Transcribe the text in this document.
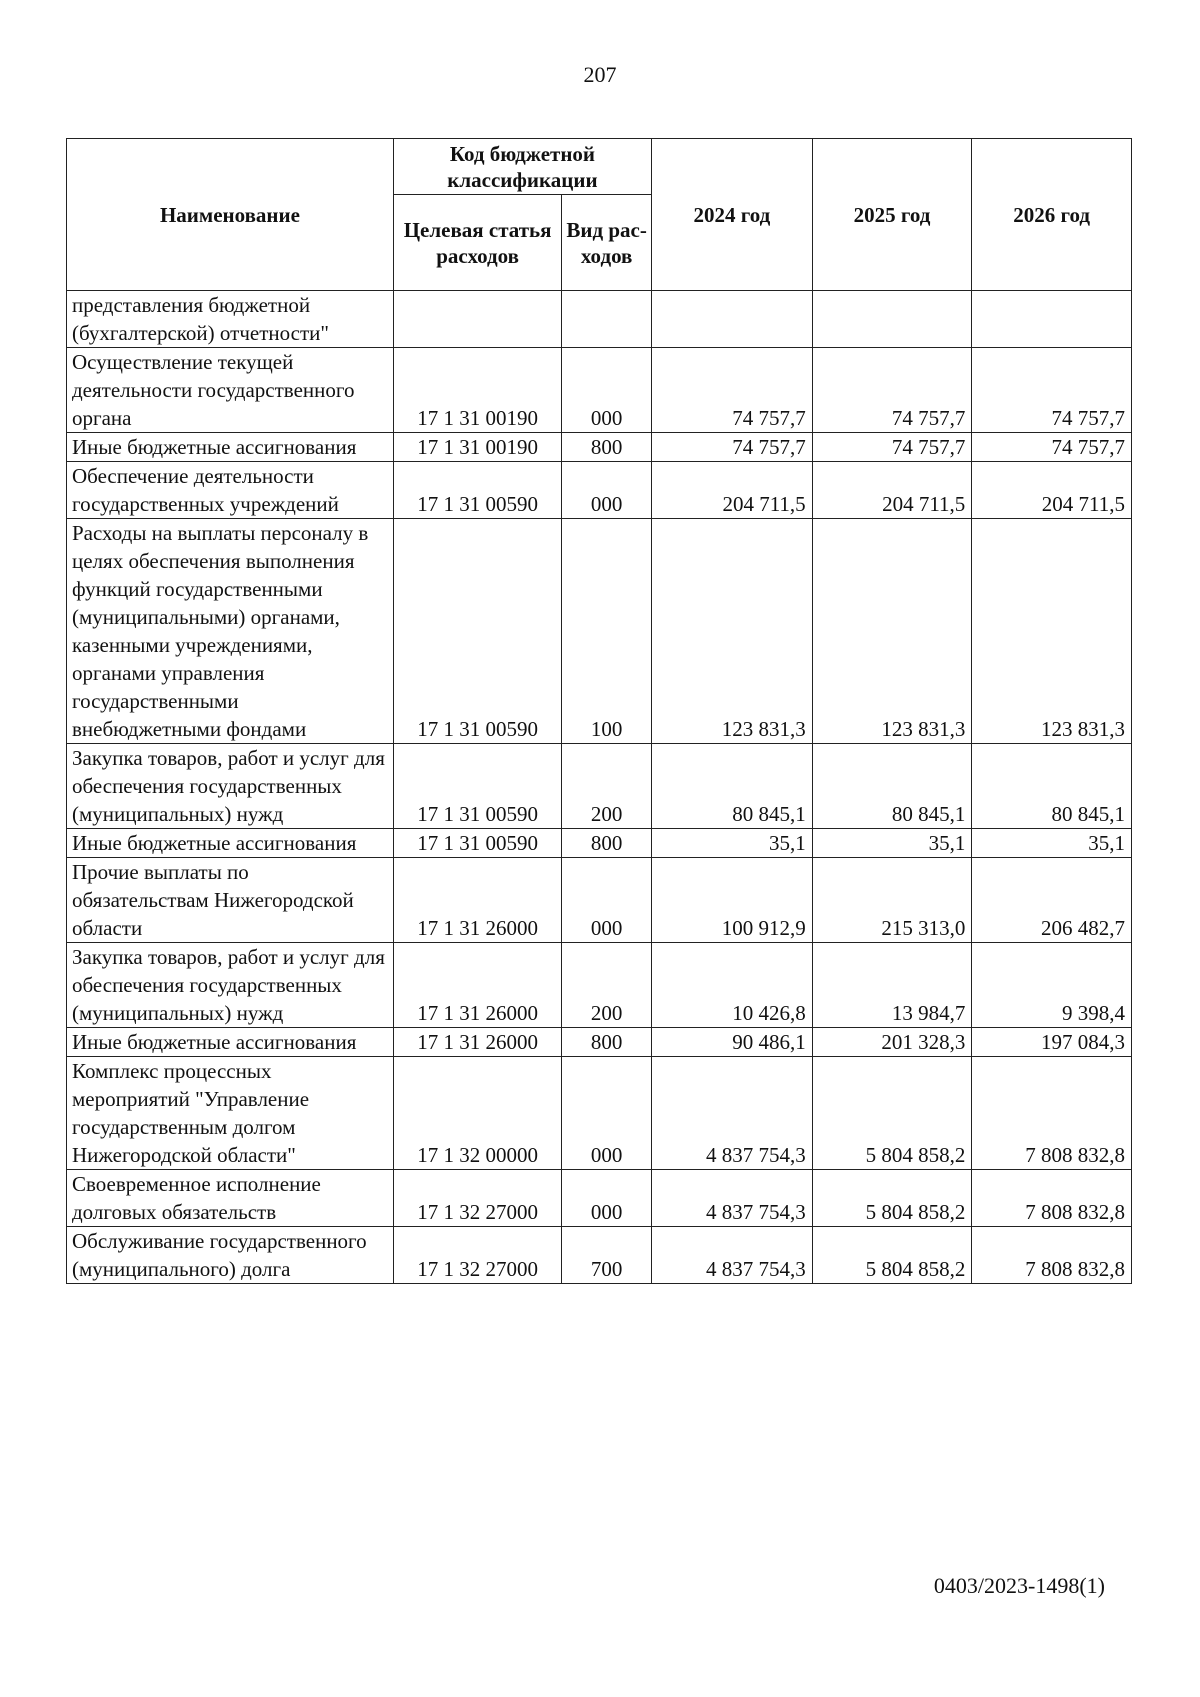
207
Наименование	Код бюджетной классификации		2024 год	2025 год	2026 год
	Целевая статья расходов	Вид рас-ходов			
представления бюджетной (бухгалтерской) отчетности"					
Осуществление текущей деятельности государственного органа	17 1 31 00190	000	74 757,7	74 757,7	74 757,7
Иные бюджетные ассигнования	17 1 31 00190	800	74 757,7	74 757,7	74 757,7
Обеспечение деятельности государственных учреждений	17 1 31 00590	000	204 711,5	204 711,5	204 711,5
Расходы на выплаты персоналу в целях обеспечения выполнения функций государственными (муниципальными) органами, казенными учреждениями, органами управления государственными внебюджетными фондами	17 1 31 00590	100	123 831,3	123 831,3	123 831,3
Закупка товаров, работ и услуг для обеспечения государственных (муниципальных) нужд	17 1 31 00590	200	80 845,1	80 845,1	80 845,1
Иные бюджетные ассигнования	17 1 31 00590	800	35,1	35,1	35,1
Прочие выплаты по обязательствам Нижегородской области	17 1 31 26000	000	100 912,9	215 313,0	206 482,7
Закупка товаров, работ и услуг для обеспечения государственных (муниципальных) нужд	17 1 31 26000	200	10 426,8	13 984,7	9 398,4
Иные бюджетные ассигнования	17 1 31 26000	800	90 486,1	201 328,3	197 084,3
Комплекс процессных мероприятий "Управление государственным долгом Нижегородской области"	17 1 32 00000	000	4 837 754,3	5 804 858,2	7 808 832,8
Своевременное исполнение долговых обязательств	17 1 32 27000	000	4 837 754,3	5 804 858,2	7 808 832,8
Обслуживание государственного (муниципального) долга	17 1 32 27000	700	4 837 754,3	5 804 858,2	7 808 832,8
0403/2023-1498(1)
